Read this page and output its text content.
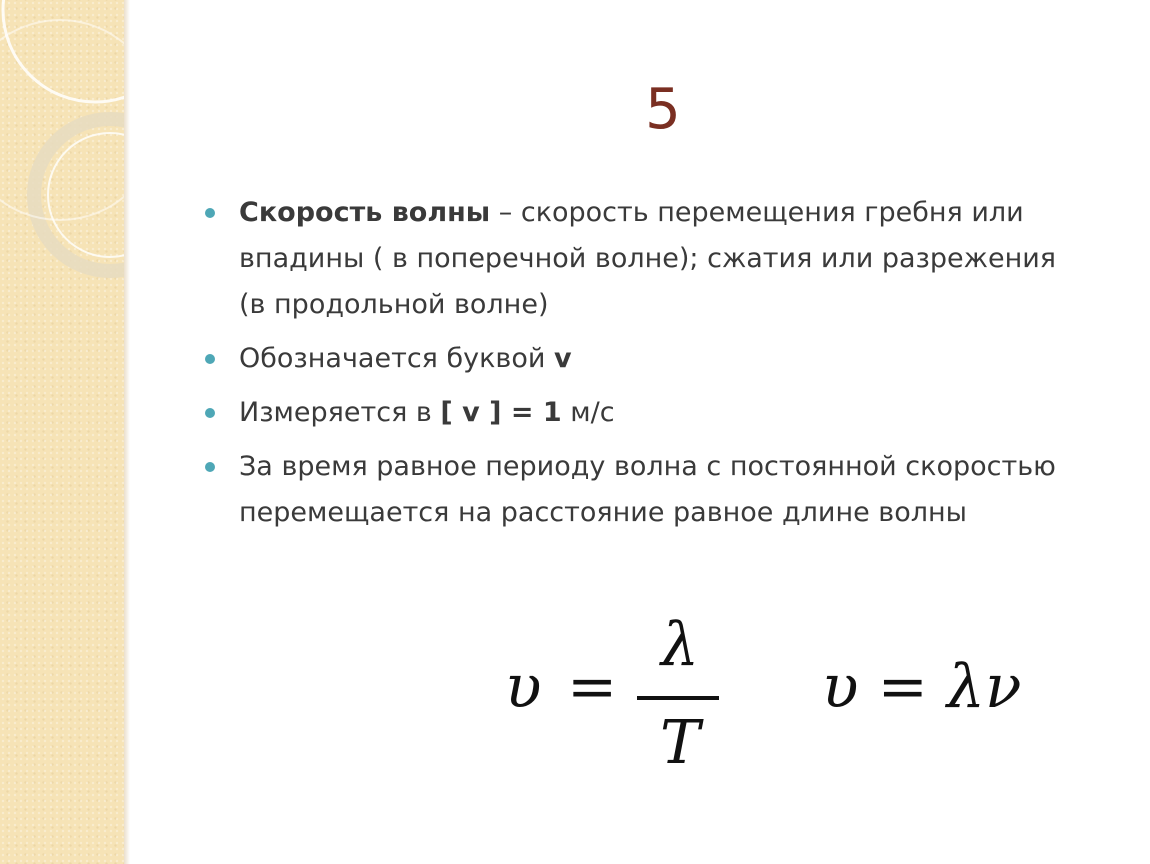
5
Скорость волны – скорость перемещения гребня или впадины ( в поперечной волне); сжатия или разрежения (в продольной волне)
Обозначается буквой v
Измеряется в [ v ] = 1 м/с
За время равное периоду волна с постоянной скоростью перемещается на расстояние равное длине волны
υ =
λ
T
υ = λν
